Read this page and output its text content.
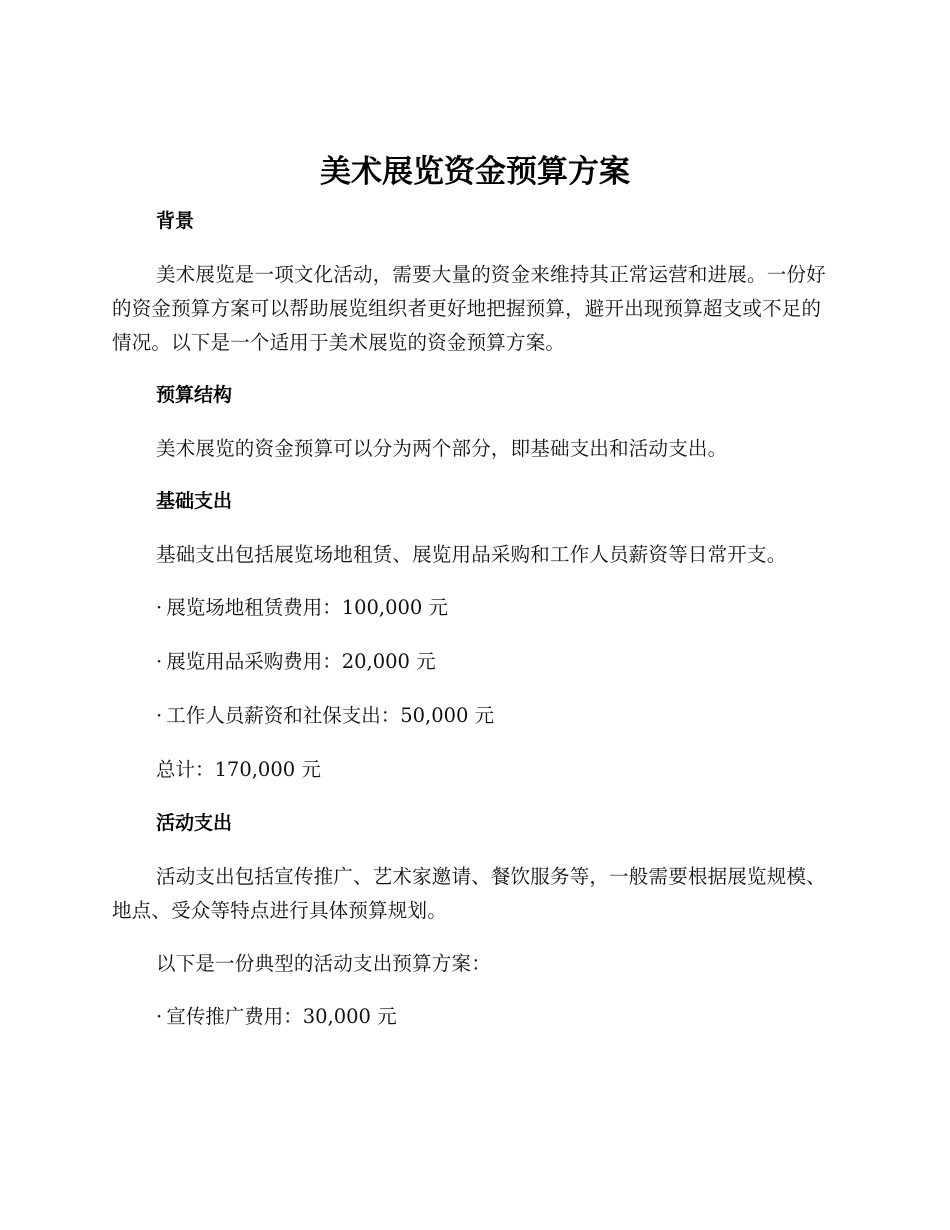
美术展览资金预算方案
背景

美术展览是一项文化活动，需要大量的资金来维持其正常运营和进展。一份好的资金预算方案可以帮助展览组织者更好地把握预算，避开出现预算超支或不足的情况。以下是一个适用于美术展览的资金预算方案。

预算结构

美术展览的资金预算可以分为两个部分，即基础支出和活动支出。

基础支出

基础支出包括展览场地租赁、展览用品采购和工作人员薪资等日常开支。

· 展览场地租赁费用：100,000 元
· 展览用品采购费用：20,000 元
· 工作人员薪资和社保支出：50,000 元
总计：170,000 元
活动支出

活动支出包括宣传推广、艺术家邀请、餐饮服务等，一般需要根据展览规模、地点、受众等特点进行具体预算规划。

以下是一份典型的活动支出预算方案：

· 宣传推广费用：30,000 元
